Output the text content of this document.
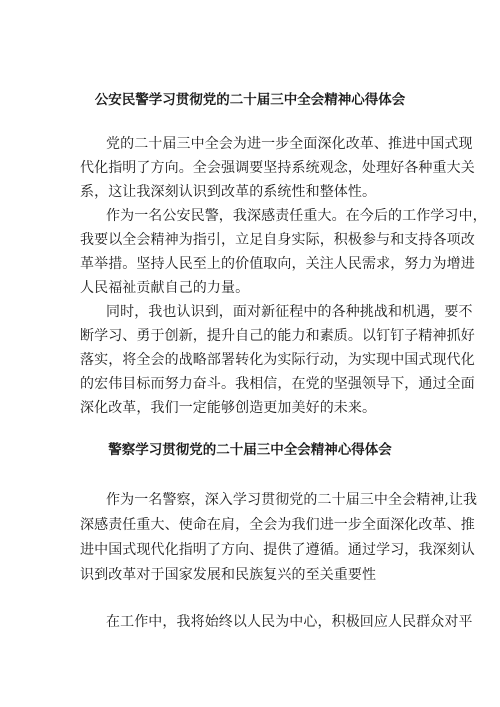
公安民警学习贯彻党的二十届三中全会精神心得体会
党的二十届三中全会为进一步全面深化改革、推进中国式现
代化指明了方向。全会强调要坚持系统观念，处理好各种重大关
系，这让我深刻认识到改革的系统性和整体性。
作为一名公安民警，我深感责任重大。在今后的工作学习中，
我要以全会精神为指引，立足自身实际，积极参与和支持各项改
革举措。坚持人民至上的价值取向，关注人民需求，努力为增进
人民福祉贡献自己的力量。
同时，我也认识到，面对新征程中的各种挑战和机遇，要不
断学习、勇于创新，提升自己的能力和素质。以钉钉子精神抓好
落实，将全会的战略部署转化为实际行动，为实现中国式现代化
的宏伟目标而努力奋斗。我相信，在党的坚强领导下，通过全面
深化改革，我们一定能够创造更加美好的未来。
警察学习贯彻党的二十届三中全会精神心得体会
作为一名警察，深入学习贯彻党的二十届三中全会精神,让我
深感责任重大、使命在肩，全会为我们进一步全面深化改革、推
进中国式现代化指明了方向、提供了遵循。通过学习，我深刻认
识到改革对于国家发展和民族复兴的至关重要性
在工作中，我将始终以人民为中心，积极回应人民群众对平
